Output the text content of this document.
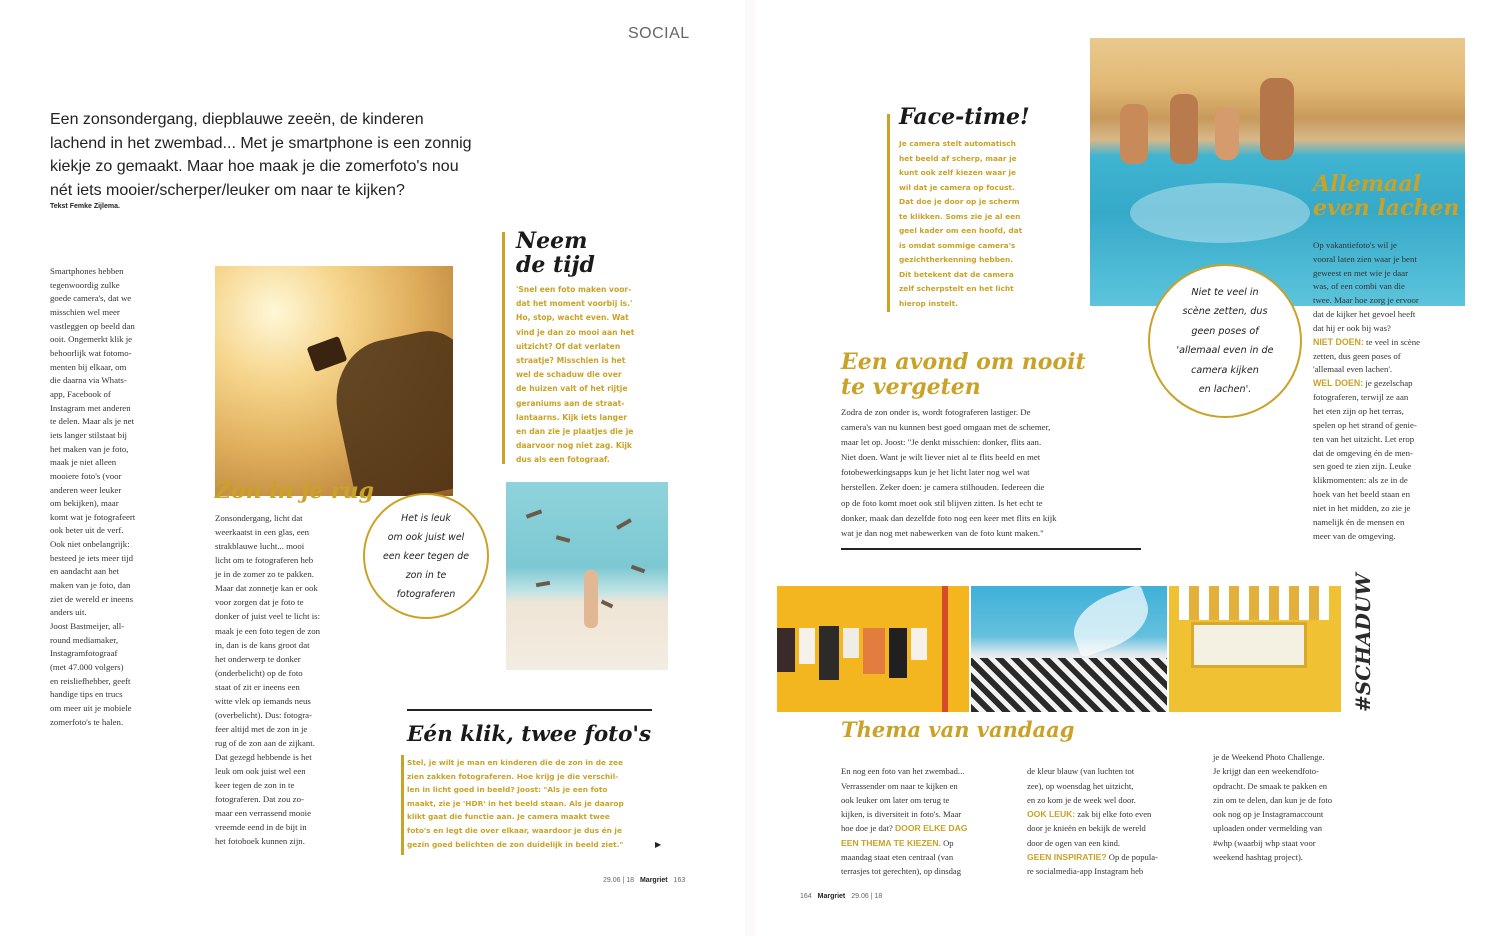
SOCIAL
Een zonsondergang, diepblauwe zeeën, de kinderen
lachend in het zwembad... Met je smartphone is een zonnig
kiekje zo gemaakt. Maar hoe maak je die zomerfoto's nou
nét iets mooier/scherper/leuker om naar te kijken?
Tekst Femke Zijlema.
Smartphones hebben
tegenwoordig zulke
goede camera's, dat we
misschien wel meer
vastleggen op beeld dan
ooit. Ongemerkt klik je
behoorlijk wat fotomo-
menten bij elkaar, om
die daarna via Whats-
app, Facebook of
Instagram met anderen
te delen. Maar als je net
iets langer stilstaat bij
het maken van je foto,
maak je niet alleen
mooiere foto's (voor
anderen weer leuker
om bekijken), maar
komt wat je fotografeert
ook beter uit de verf.
Ook niet onbelangrijk:
besteed je iets meer tijd
en aandacht aan het
maken van je foto, dan
ziet de wereld er ineens
anders uit.
Joost Bastmeijer, all-
round mediamaker,
Instagramfotograaf
(met 47.000 volgers)
en reisliefhebber, geeft
handige tips en trucs
om meer uit je mobiele
zomerfoto's te halen.
Zon in je rug
Zonsondergang, licht dat
weerkaatst in een glas, een
strakblauwe lucht... mooi
licht om te fotograferen heb
je in de zomer zo te pakken.
Maar dat zonnetje kan er ook
voor zorgen dat je foto te
donker of juist veel te licht is:
maak je een foto tegen de zon
in, dan is de kans groot dat
het onderwerp te donker
(onderbelicht) op de foto
staat of zit er ineens een
witte vlek op iemands neus
(overbelicht). Dus: fotogra-
feer altijd met de zon in je
rug of de zon aan de zijkant.
Dat gezegd hebbende is het
leuk om ook juist wel een
keer tegen de zon in te
fotograferen. Dat zou zo-
maar een verrassend mooie
vreemde eend in de bijt in
het fotoboek kunnen zijn.
Het is leuk
om ook juist wel
een keer tegen de
zon in te
fotograferen
Neem
de tijd
'Snel een foto maken voor-
dat het moment voorbij is.'
Ho, stop, wacht even. Wat
vind je dan zo mooi aan het
uitzicht? Of dat verlaten
straatje? Misschien is het
wel de schaduw die over
de huizen valt of het rijtje
geraniums aan de straat-
lantaarns. Kijk iets langer
en dan zie je plaatjes die je
daarvoor nog niet zag. Kijk
dus als een fotograaf.
Eén klik, twee foto's
Stel, je wilt je man en kinderen die de zon in de zee
zien zakken fotograferen. Hoe krijg je die verschil-
len in licht goed in beeld? Joost: "Als je een foto
maakt, zie je 'HDR' in het beeld staan. Als je daarop
klikt gaat die functie aan. Je camera maakt twee
foto's en legt die over elkaar, waardoor je dus én je
gezin goed belichten de zon duidelijk in beeld ziet."	▶
29.06 | 18 Margriet 163
Face-time!
Je camera stelt automatisch
het beeld af scherp, maar je
kunt ook zelf kiezen waar je
wil dat je camera op focust.
Dat doe je door op je scherm
te klikken. Soms zie je al een
geel kader om een hoofd, dat
is omdat sommige camera's
gezichtherkenning hebben.
Dit betekent dat de camera
zelf scherpstelt en het licht
hierop instelt.
Allemaal
even lachen

Op vakantiefoto's wil je
vooral laten zien waar je bent
geweest en met wie je daar
was, of een combi van die
twee. Maar hoe zorg je ervoor
dat de kijker het gevoel heeft
dat hij er ook bij was?
NIET DOEN: te veel in scène
zetten, dus geen poses of
'allemaal even lachen'.
WEL DOEN: je gezelschap
fotograferen, terwijl ze aan
het eten zijn op het terras,
spelen op het strand of genie-
ten van het uitzicht. Let erop
dat de omgeving én de men-
sen goed te zien zijn. Leuke
klikmomenten: als ze in de
hoek van het beeld staan en
niet in het midden, zo zie je
namelijk én de mensen en
meer van de omgeving.

Niet te veel in
scène zetten, dus
geen poses of
'allemaal even in de
camera kijken
en lachen'.
Een avond om nooit
te vergeten
Zodra de zon onder is, wordt fotograferen lastiger. De
camera's van nu kunnen best goed omgaan met de schemer,
maar let op. Joost: "Je denkt misschien: donker, flits aan.
Niet doen. Want je wilt liever niet al te flits beeld en met
fotobewerkingsapps kun je het licht later nog wel wat
herstellen. Zeker doen: je camera stilhouden. Iedereen die
op de foto komt moet ook stil blijven zitten. Is het echt te
donker, maak dan dezelfde foto nog een keer met flits en kijk
wat je dan nog met nabewerken van de foto kunt maken."
#SCHADUW
Thema van vandaag

En nog een foto van het zwembad...
Verrassender om naar te kijken en
ook leuker om later om terug te
kijken, is diversiteit in foto's. Maar
hoe doe je dat? DOOR ELKE DAG
EEN THEMA TE KIEZEN. Op
maandag staat eten centraal (van
terrasjes tot gerechten), op dinsdag

de kleur blauw (van luchten tot
zee), op woensdag het uitzicht,
en zo kom je de week wel door.
OOK LEUK: zak bij elke foto even
door je knieën en bekijk de wereld
door de ogen van een kind.
GEEN INSPIRATIE? Op de popula-
re socialmedia-app Instagram heb

je de Weekend Photo Challenge.
Je krijgt dan een weekendfoto-
opdracht. De smaak te pakken en
zin om te delen, dan kun je de foto
ook nog op je Instagramaccount
uploaden onder vermelding van
#whp (waarbij whp staat voor
weekend hashtag project).
164 Margriet 29.06 | 18
